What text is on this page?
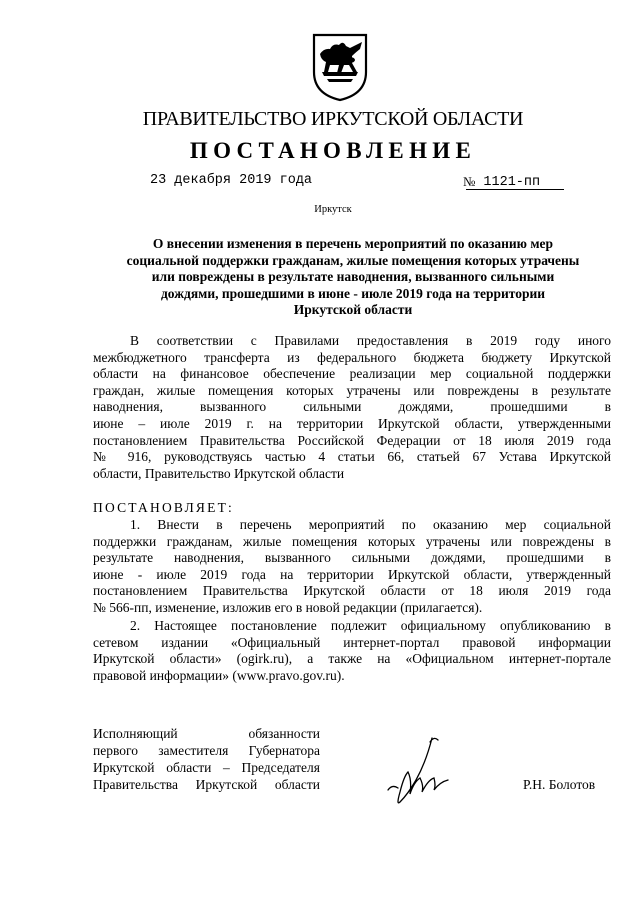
ПРАВИТЕЛЬСТВО ИРКУТСКОЙ ОБЛАСТИ
ПОСТАНОВЛЕНИЕ
23 декабря 2019 года	№ 1121-пп
Иркутск
О внесении изменения в перечень мероприятий по оказанию мер
социальной поддержки гражданам, жилые помещения которых утрачены
или повреждены в результате наводнения, вызванного сильными
дождями, прошедшими в июне - июле 2019 года на территории
Иркутской области

В соответствии с Правилами предоставления в 2019 году иного

межбюджетного трансферта из федерального бюджета бюджету Иркутской

области на финансовое обеспечение реализации мер социальной поддержки

граждан, жилые помещения которых утрачены или повреждены в результате

наводнения, вызванного сильными дождями, прошедшими в

июне – июле 2019 г. на территории Иркутской области, утвержденными

постановлением Правительства Российской Федерации от 18 июля 2019 года

№ 916, руководствуясь частью 4 статьи 66, статьей 67 Устава Иркутской

области, Правительство Иркутской области

ПОСТАНОВЛЯЕТ:

1. Внести в перечень мероприятий по оказанию мер социальной

поддержки гражданам, жилые помещения которых утрачены или повреждены в

результате наводнения, вызванного сильными дождями, прошедшими в

июне - июле 2019 года на территории Иркутской области, утвержденный

постановлением Правительства Иркутской области от 18 июля 2019 года

№ 566-пп, изменение, изложив его в новой редакции (прилагается).

2. Настоящее постановление подлежит официальному опубликованию в

сетевом издании «Официальный интернет-портал правовой информации

Иркутской области» (ogirk.ru), а также на «Официальном интернет-портале

правовой информации» (www.pravo.gov.ru).

Исполняющий обязанности

первого заместителя Губернатора

Иркутской области – Председателя

Правительства Иркутской области	Р.Н. Болотов
